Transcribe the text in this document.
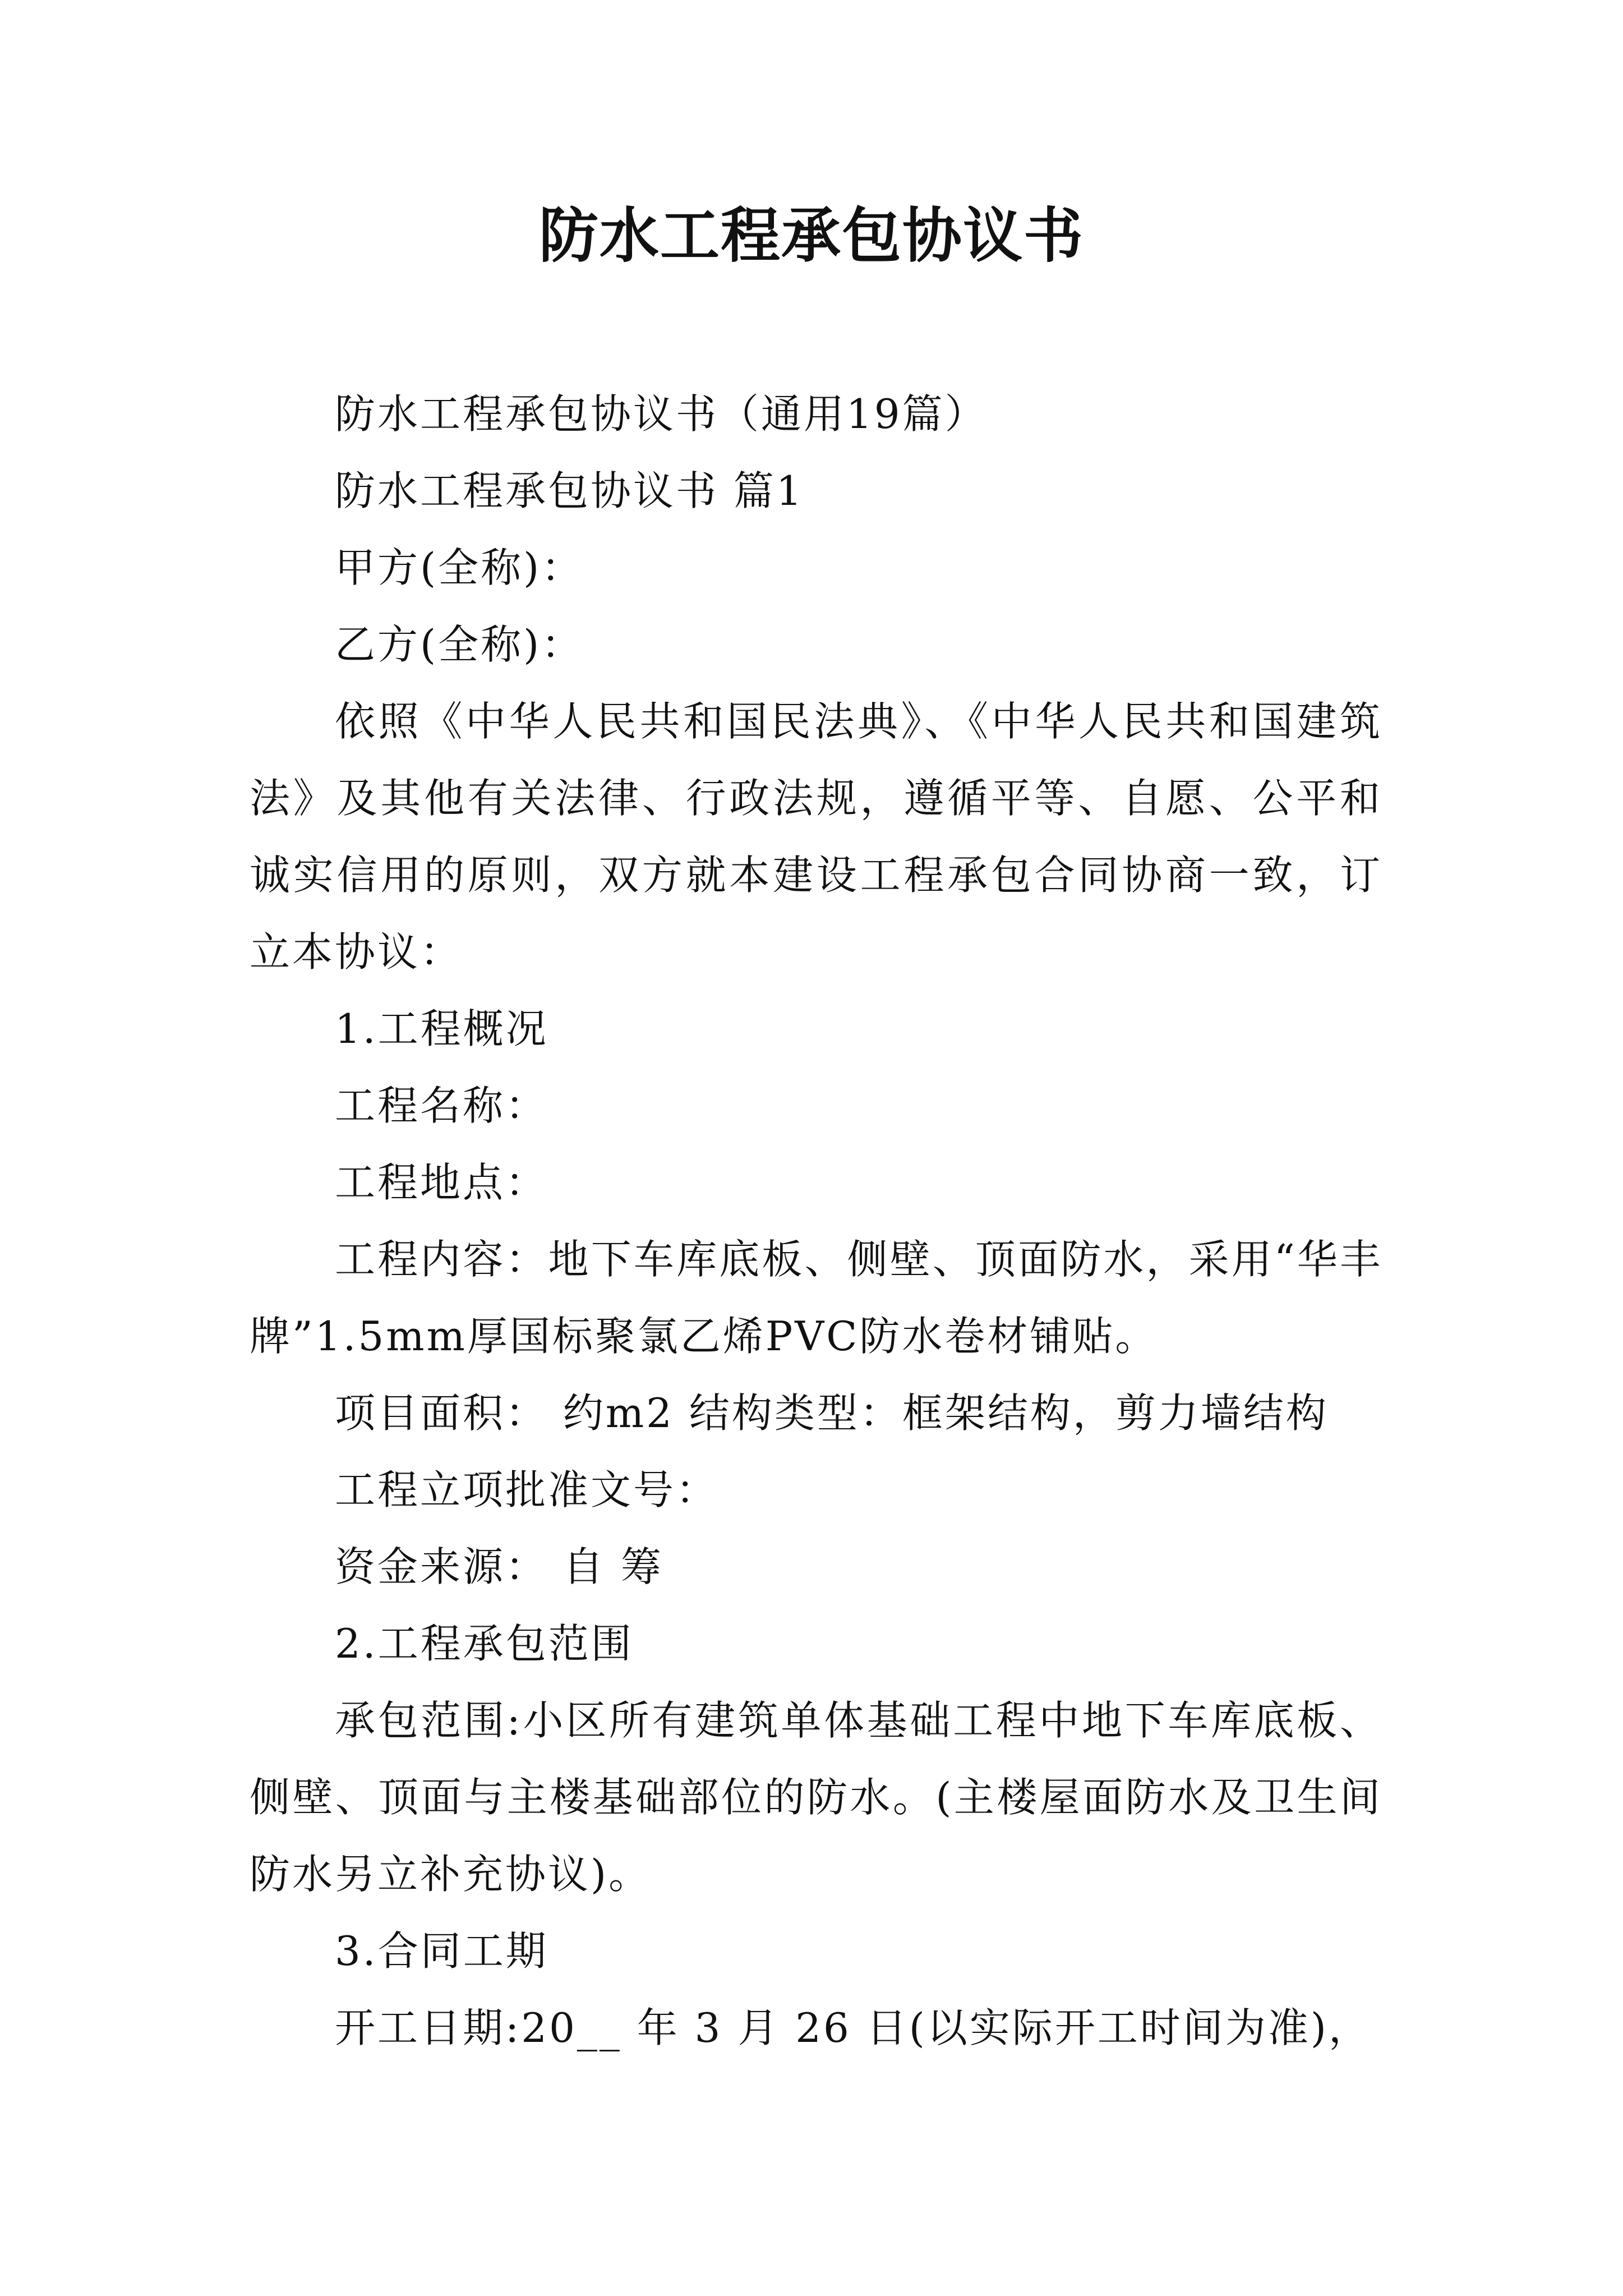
防水工程承包协议书

防水工程承包协议书（通用19篇）

防水工程承包协议书 篇1

甲方(全称)：

乙方(全称)：

依照《中华人民共和国民法典》、《中华人民共和国建筑法》及其他有关法律、行政法规，遵循平等、自愿、公平和诚实信用的原则，双方就本建设工程承包合同协商一致，订立本协议：

1.工程概况

工程名称：

工程地点：

工程内容：地下车库底板、侧壁、顶面防水，采用“华丰牌”1.5mm厚国标聚氯乙烯PVC防水卷材铺贴。

项目面积： 约m2 结构类型：框架结构，剪力墙结构

工程立项批准文号：

资金来源： 自 筹

2.工程承包范围

承包范围:小区所有建筑单体基础工程中地下车库底板、侧壁、顶面与主楼基础部位的防水。(主楼屋面防水及卫生间防水另立补充协议)。

3.合同工期

开工日期:20__ 年 3 月 26 日(以实际开工时间为准)，
